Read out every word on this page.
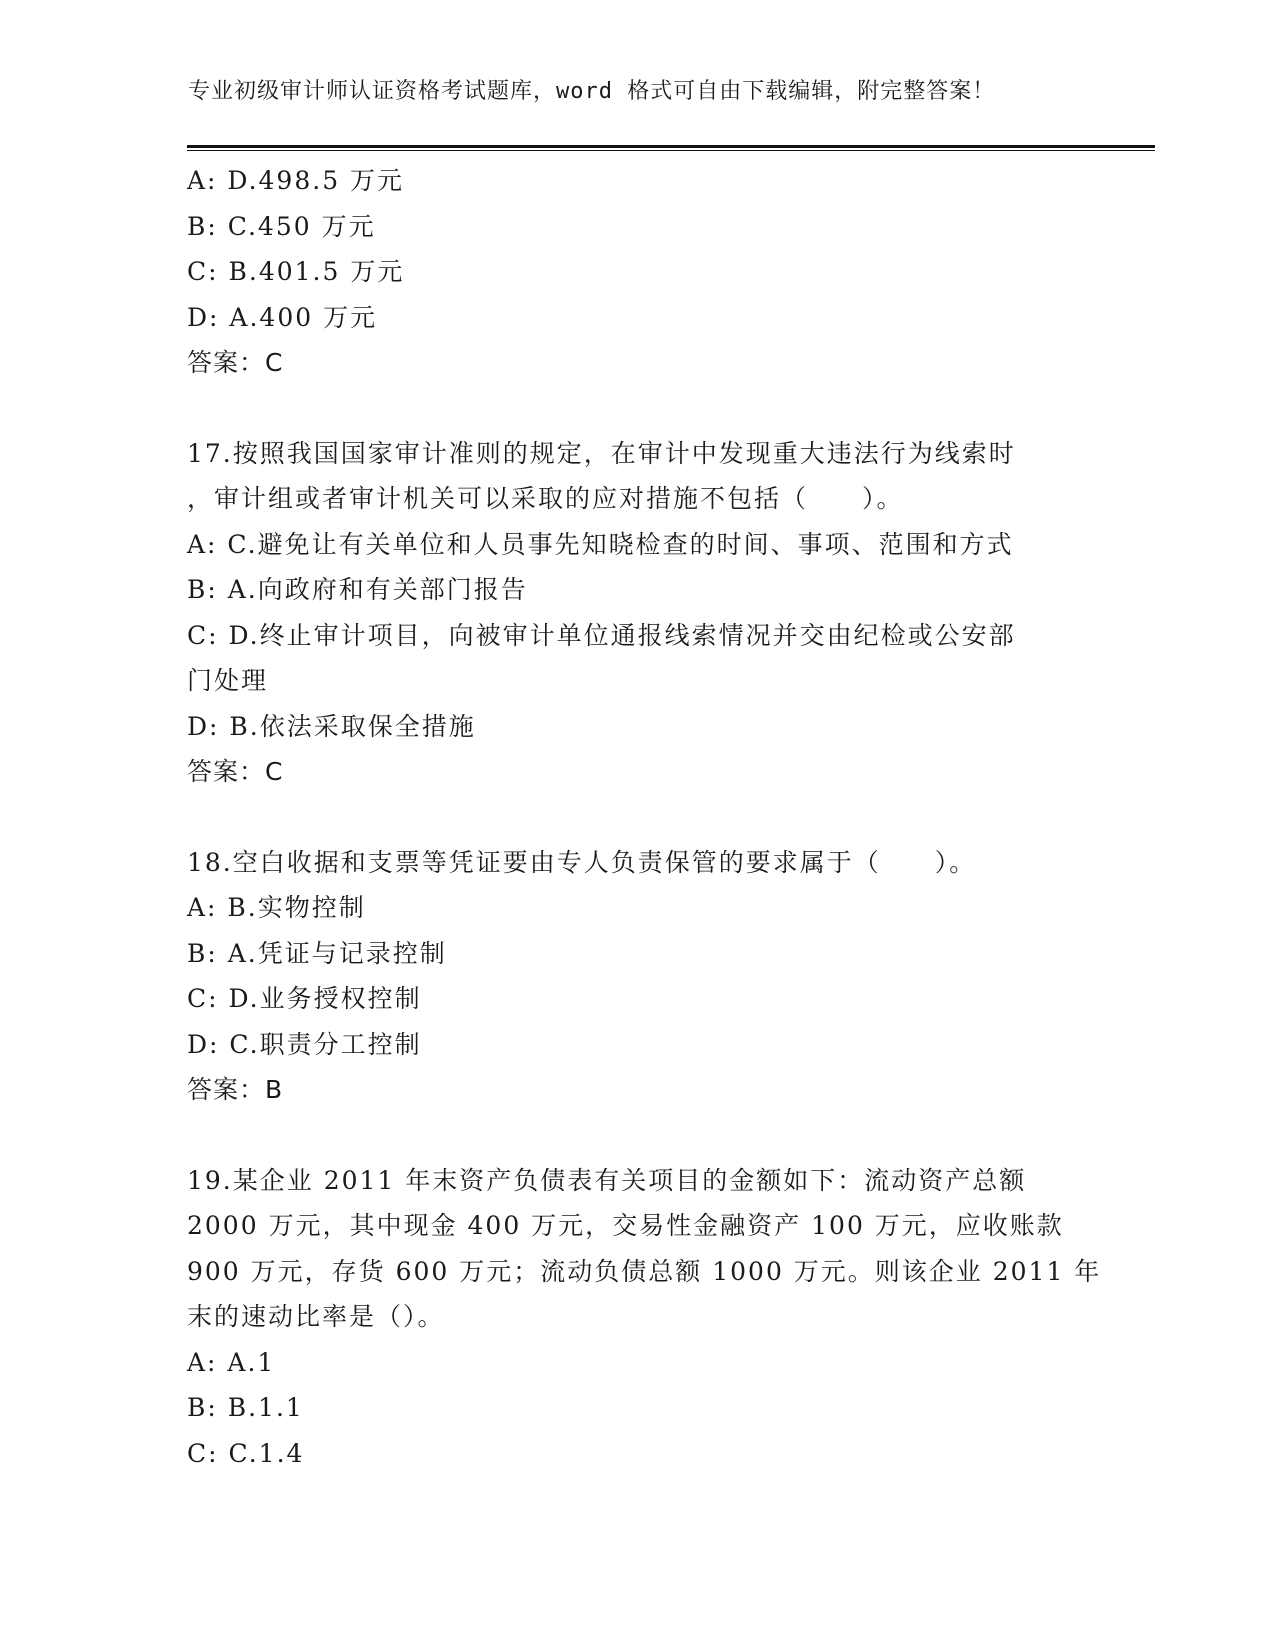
专业初级审计师认证资格考试题库，word 格式可自由下载编辑，附完整答案！
A: D.498.5 万元
B: C.450 万元
C: B.401.5 万元
D: A.400 万元
答案：C
17.按照我国国家审计准则的规定，在审计中发现重大违法行为线索时
，审计组或者审计机关可以采取的应对措施不包括（　　）。
A: C.避免让有关单位和人员事先知晓检查的时间、事项、范围和方式
B: A.向政府和有关部门报告
C: D.终止审计项目，向被审计单位通报线索情况并交由纪检或公安部
门处理
D: B.依法采取保全措施
答案：C
18.空白收据和支票等凭证要由专人负责保管的要求属于（　　）。
A: B.实物控制
B: A.凭证与记录控制
C: D.业务授权控制
D: C.职责分工控制
答案：B
19.某企业 2011 年末资产负债表有关项目的金额如下：流动资产总额
2000 万元，其中现金 400 万元，交易性金融资产 100 万元，应收账款
900 万元，存货 600 万元；流动负债总额 1000 万元。则该企业 2011 年
末的速动比率是（）。
A: A.1
B: B.1.1
C: C.1.4
